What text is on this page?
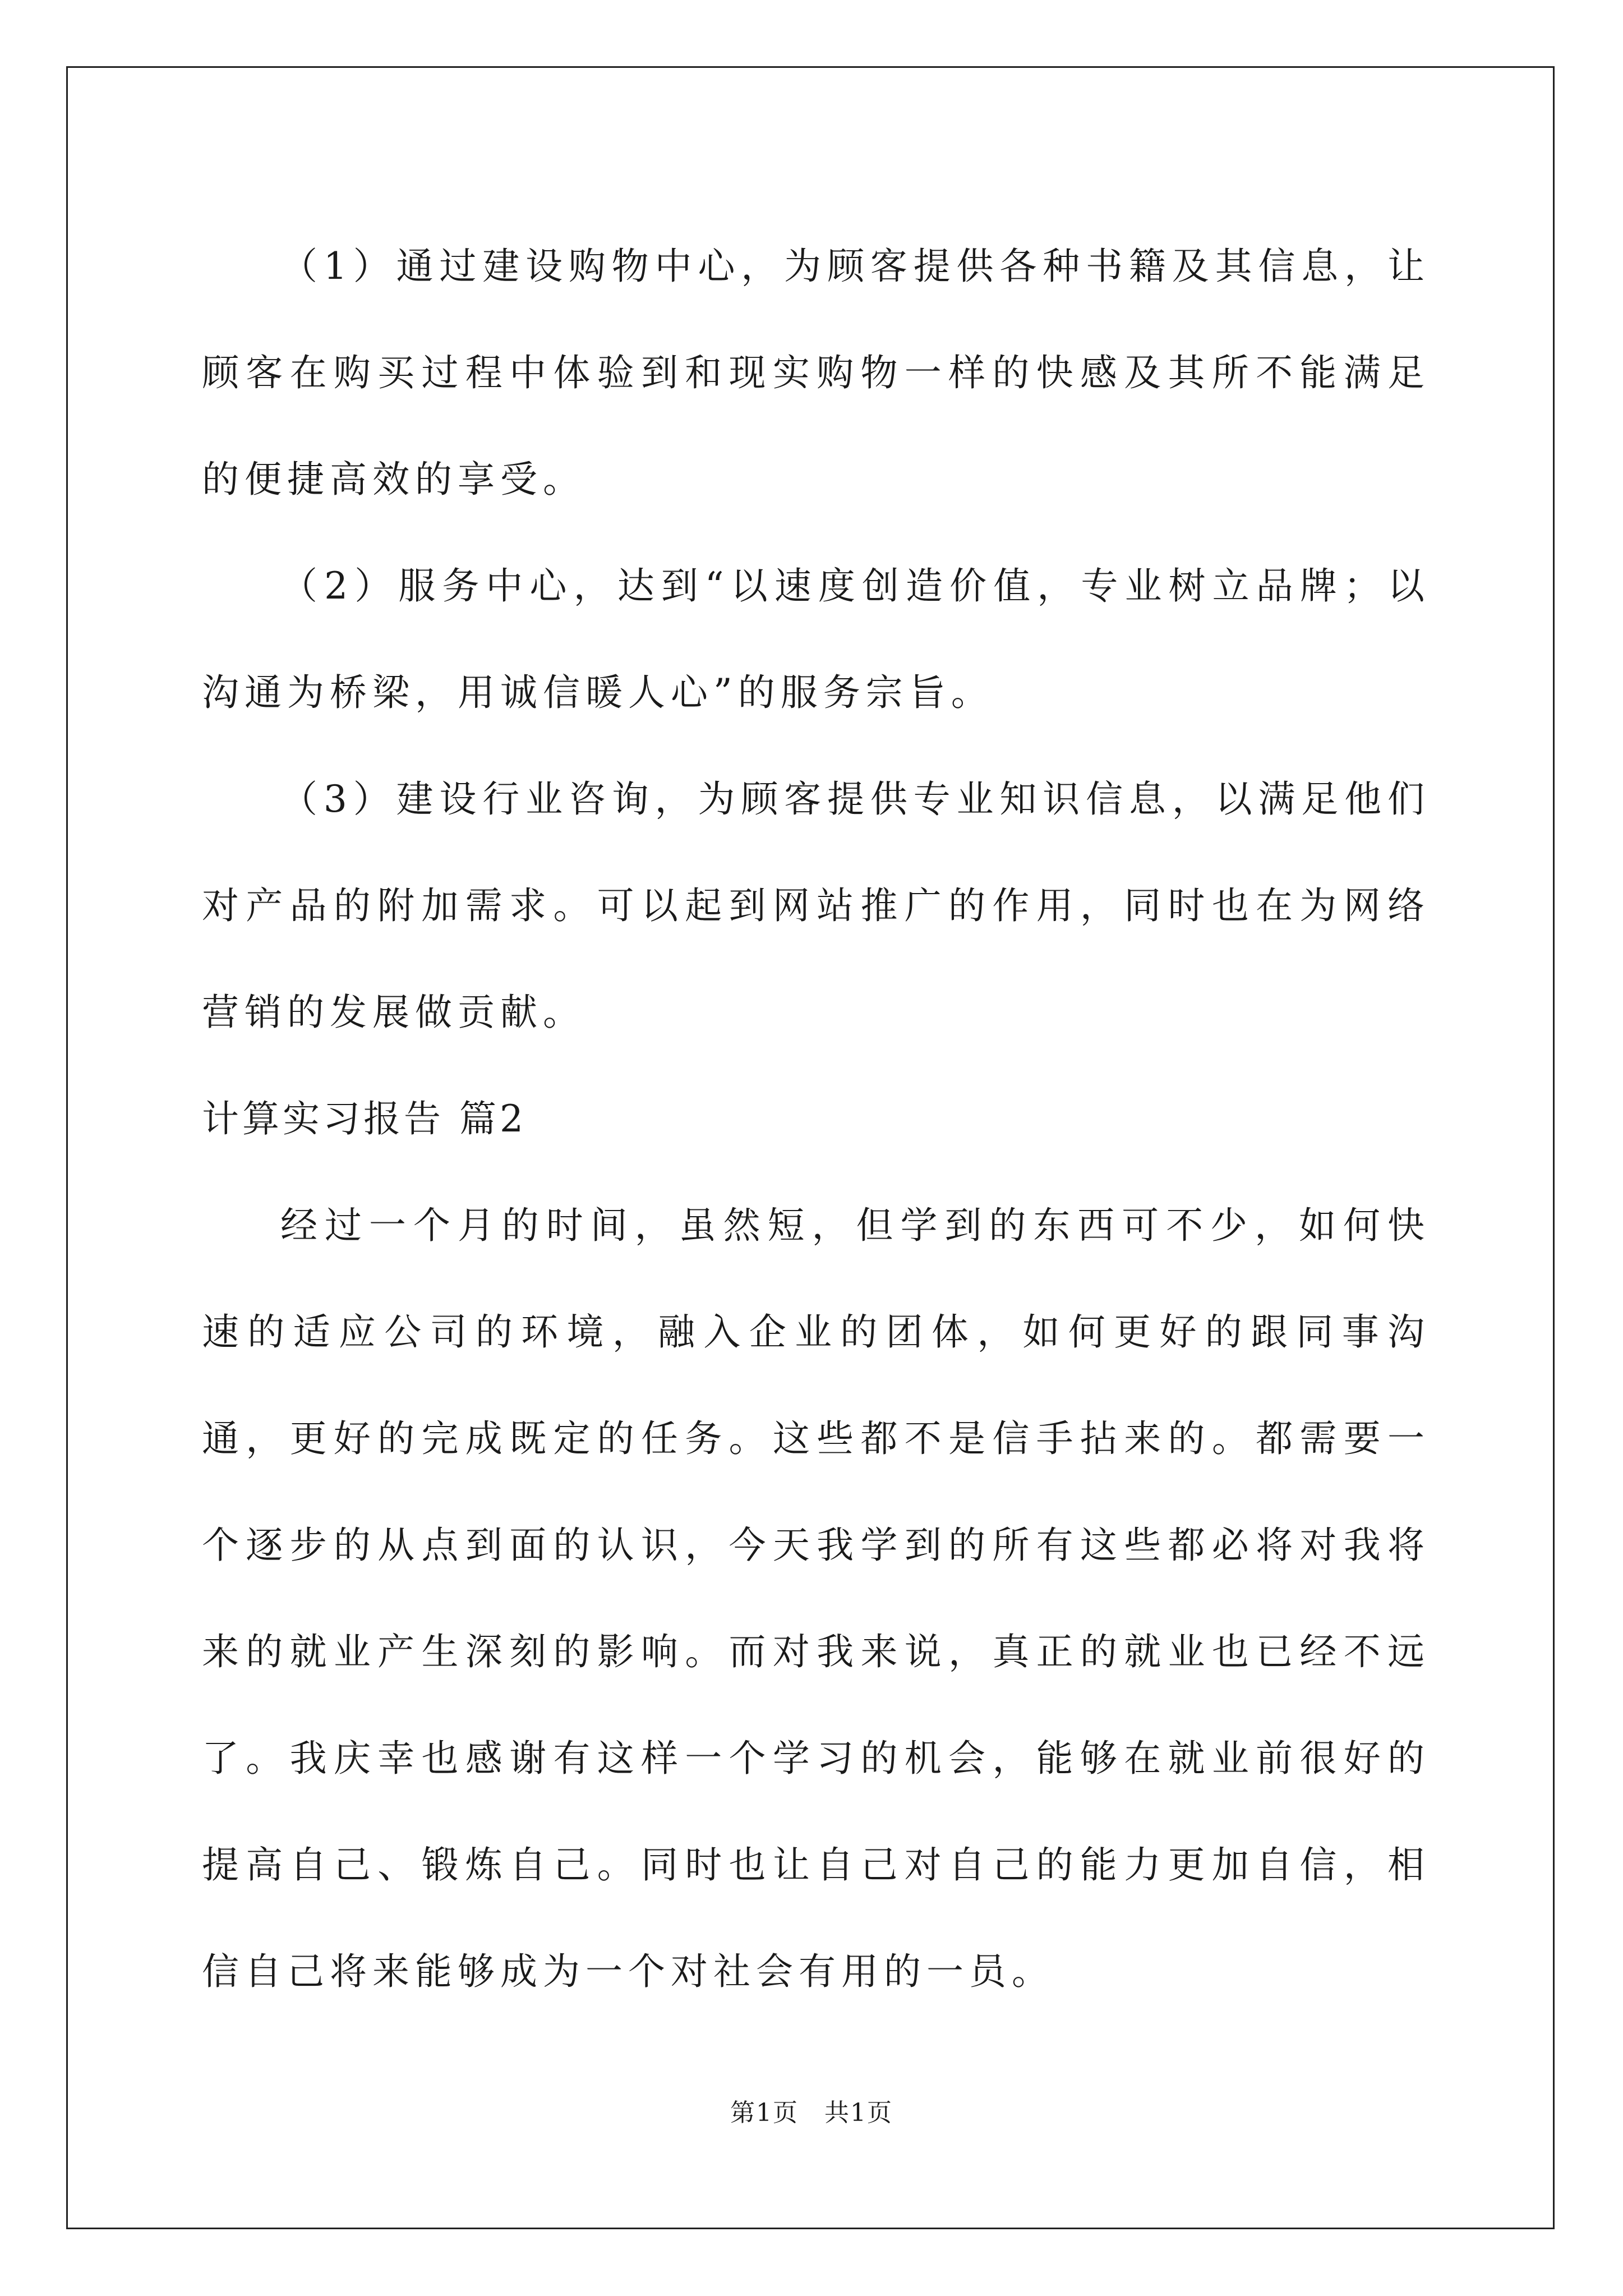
（1）通过建设购物中心，为顾客提供各种书籍及其信息，让顾客在购买过程中体验到和现实购物一样的快感及其所不能满足的便捷高效的享受。

（2）服务中心，达到“以速度创造价值，专业树立品牌；以沟通为桥梁，用诚信暖人心”的服务宗旨。

（3）建设行业咨询，为顾客提供专业知识信息，以满足他们对产品的附加需求。可以起到网站推广的作用，同时也在为网络营销的发展做贡献。

计算实习报告 篇2

经过一个月的时间，虽然短，但学到的东西可不少，如何快速的适应公司的环境，融入企业的团体，如何更好的跟同事沟通，更好的完成既定的任务。这些都不是信手拈来的。都需要一个逐步的从点到面的认识，今天我学到的所有这些都必将对我将来的就业产生深刻的影响。而对我来说，真正的就业也已经不远了。我庆幸也感谢有这样一个学习的机会，能够在就业前很好的提高自己、锻炼自己。同时也让自己对自己的能力更加自信，相信自己将来能够成为一个对社会有用的一员。

第1页　共1页
